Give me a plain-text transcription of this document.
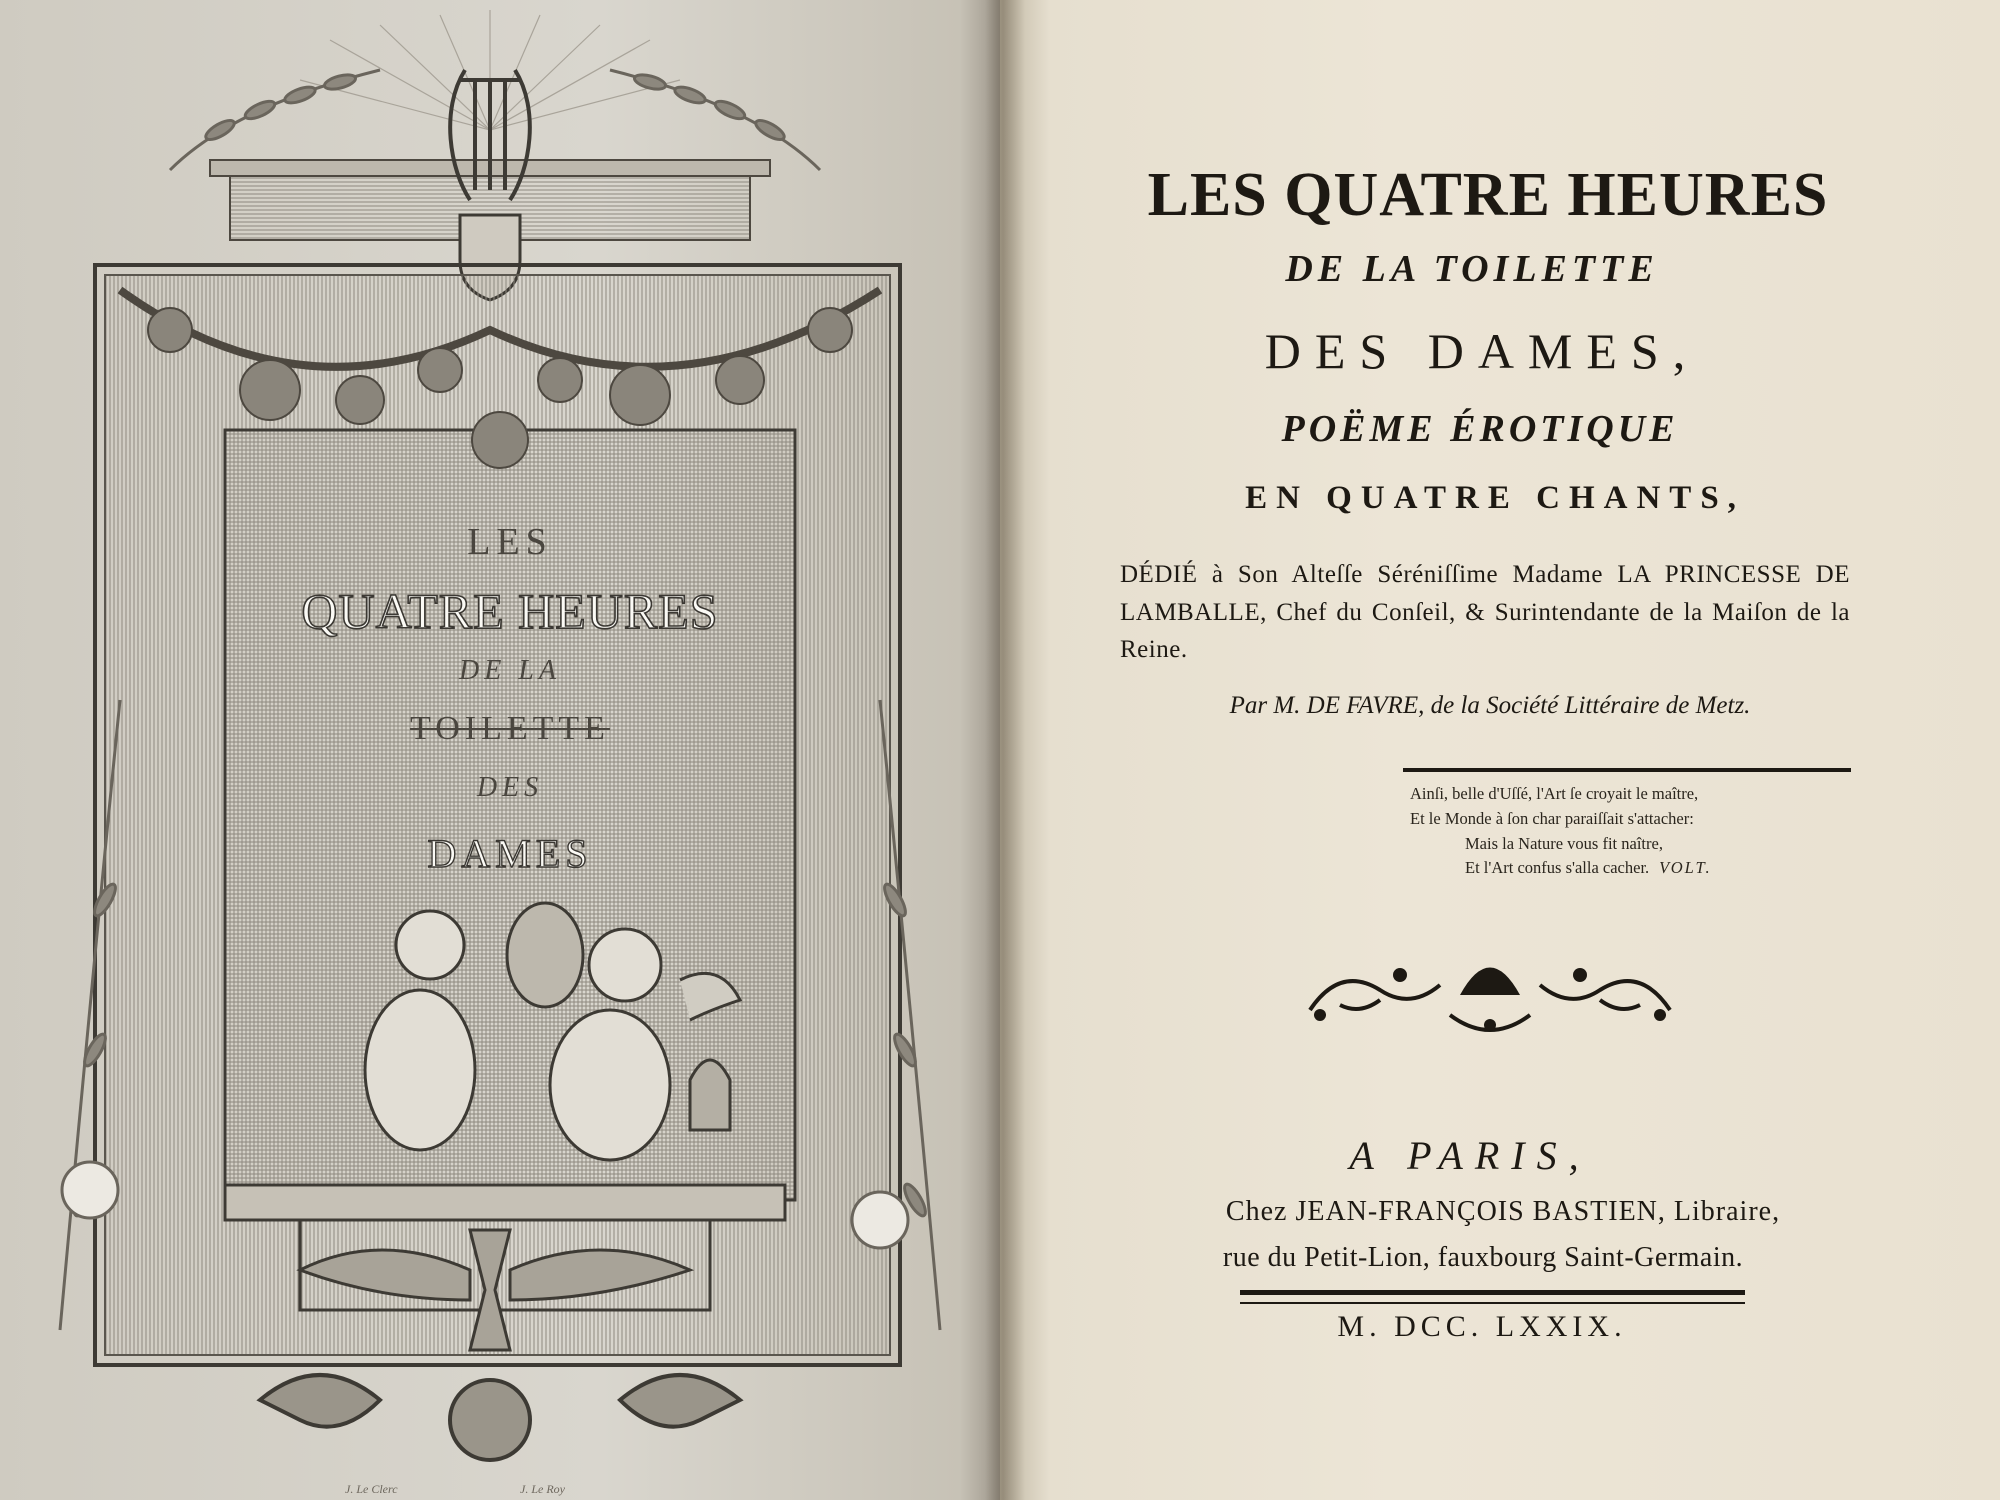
LES
QUATRE HEURES
DE LA
TOILETTE
DES
DAMES
J. Le Clerc	J. Le Roy
LES QUATRE HEURES
DE LA TOILETTE
DES DAMES,
POËME ÉROTIQUE
EN QUATRE CHANTS,
DÉDIÉ à Son Alteſſe Séréniſſime Madame LA PRINCESSE DE LAMBALLE, Chef du Conſeil, & Surintendante de la Maiſon de la Reine.
Par M. DE FAVRE, de la Société Littéraire de Metz.
Ainſi, belle d'Uſſé, l'Art ſe croyait le maître,
Et le Monde à ſon char paraiſſait s'attacher:
Mais la Nature vous fit naître,
Et l'Art confus s'alla cacher. VOLT.
A PARIS,
Chez JEAN-FRANÇOIS BASTIEN, Libraire,
rue du Petit-Lion, fauxbourg Saint-Germain.
M. DCC. LXXIX.
